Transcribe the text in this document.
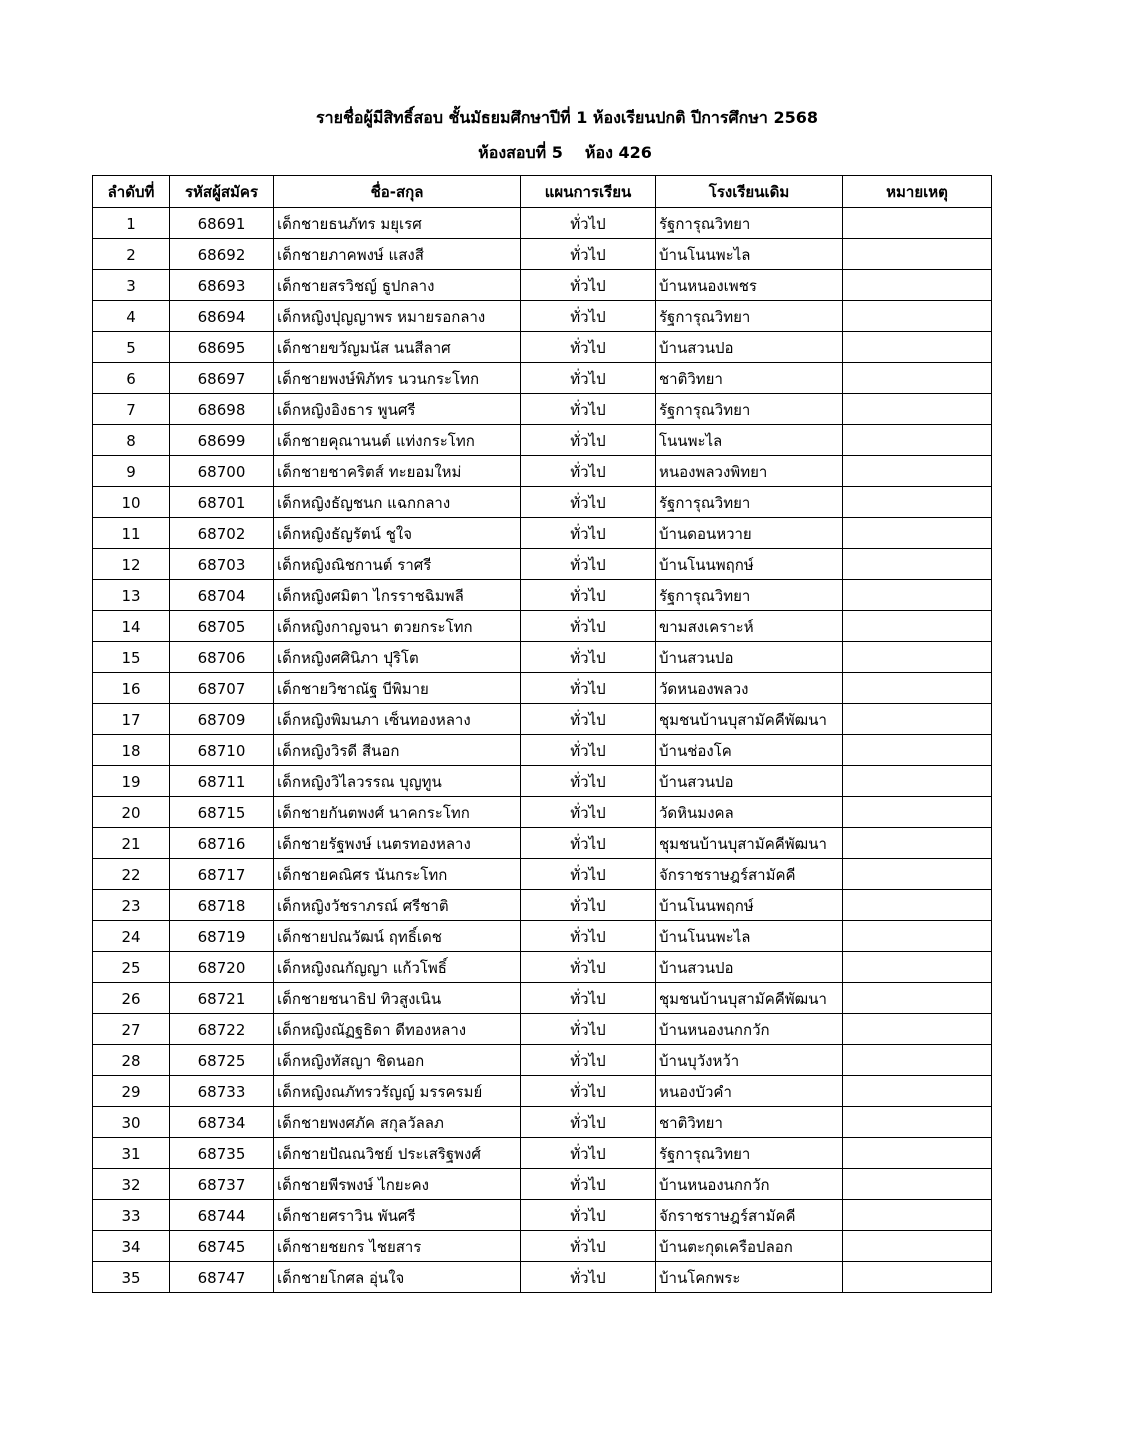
รายชื่อผู้มีสิทธิ์สอบ ชั้นมัธยมศึกษาปีที่ 1 ห้องเรียนปกติ ปีการศึกษา 2568
ห้องสอบที่ 5 ห้อง 426
ลำดับที่	รหัสผู้สมัคร	ชื่อ-สกุล	แผนการเรียน	โรงเรียนเดิม	หมายเหตุ
1	68691	เด็กชายธนภัทร มยุเรศ	ทั่วไป	รัฐการุณวิทยา	
2	68692	เด็กชายภาคพงษ์ แสงสี	ทั่วไป	บ้านโนนพะไล	
3	68693	เด็กชายสรวิชญ์ ธูปกลาง	ทั่วไป	บ้านหนองเพชร	
4	68694	เด็กหญิงปุญญาพร หมายรอกลาง	ทั่วไป	รัฐการุณวิทยา	
5	68695	เด็กชายขวัญมนัส นนสีลาศ	ทั่วไป	บ้านสวนปอ	
6	68697	เด็กชายพงษ์พิภัทร นวนกระโทก	ทั่วไป	ชาติวิทยา	
7	68698	เด็กหญิงอิงธาร พูนศรี	ทั่วไป	รัฐการุณวิทยา	
8	68699	เด็กชายคุณานนต์ แท่งกระโทก	ทั่วไป	โนนพะไล	
9	68700	เด็กชายชาคริตส์ ทะยอมใหม่	ทั่วไป	หนองพลวงพิทยา	
10	68701	เด็กหญิงธัญชนก แฉกกลาง	ทั่วไป	รัฐการุณวิทยา	
11	68702	เด็กหญิงธัญรัตน์ ชูใจ	ทั่วไป	บ้านดอนหวาย	
12	68703	เด็กหญิงณิชกานต์ ราศรี	ทั่วไป	บ้านโนนพฤกษ์	
13	68704	เด็กหญิงศมิตา ไกรราชฉิมพลี	ทั่วไป	รัฐการุณวิทยา	
14	68705	เด็กหญิงกาญจนา ตวยกระโทก	ทั่วไป	ขามสงเคราะห์	
15	68706	เด็กหญิงศศินิภา ปุริโต	ทั่วไป	บ้านสวนปอ	
16	68707	เด็กชายวิชาณัฐ บีพิมาย	ทั่วไป	วัดหนองพลวง	
17	68709	เด็กหญิงพิมนภา เซ็นทองหลาง	ทั่วไป	ชุมชนบ้านบุสามัคคีพัฒนา	
18	68710	เด็กหญิงวิรดี สีนอก	ทั่วไป	บ้านช่องโค	
19	68711	เด็กหญิงวิไลวรรณ บุญทูน	ทั่วไป	บ้านสวนปอ	
20	68715	เด็กชายกันตพงศ์ นาคกระโทก	ทั่วไป	วัดหินมงคล	
21	68716	เด็กชายรัฐพงษ์ เนตรทองหลาง	ทั่วไป	ชุมชนบ้านบุสามัคคีพัฒนา	
22	68717	เด็กชายคณิศร นันกระโทก	ทั่วไป	จักราชราษฎร์สามัคคี	
23	68718	เด็กหญิงวัชราภรณ์ ศรีชาติ	ทั่วไป	บ้านโนนพฤกษ์	
24	68719	เด็กชายปณวัฒน์ ฤทธิ์เดช	ทั่วไป	บ้านโนนพะไล	
25	68720	เด็กหญิงณกัญญา แก้วโพธิ์	ทั่วไป	บ้านสวนปอ	
26	68721	เด็กชายชนาธิป ทิวสูงเนิน	ทั่วไป	ชุมชนบ้านบุสามัคคีพัฒนา	
27	68722	เด็กหญิงณัฏฐธิดา ดีทองหลาง	ทั่วไป	บ้านหนองนกกวัก	
28	68725	เด็กหญิงทัสญา ชิดนอก	ทั่วไป	บ้านบุวังหว้า	
29	68733	เด็กหญิงณภัทรวรัญญ์ มรรครมย์	ทั่วไป	หนองบัวคำ	
30	68734	เด็กชายพงศภัค สกุลวัลลภ	ทั่วไป	ชาติวิทยา	
31	68735	เด็กชายปัณณวิชย์ ประเสริฐพงศ์	ทั่วไป	รัฐการุณวิทยา	
32	68737	เด็กชายพีรพงษ์ ไกยะคง	ทั่วไป	บ้านหนองนกกวัก	
33	68744	เด็กชายศราวิน พันศรี	ทั่วไป	จักราชราษฎร์สามัคคี	
34	68745	เด็กชายชยกร ไชยสาร	ทั่วไป	บ้านตะกุดเครือปลอก	
35	68747	เด็กชายโกศล อุ่นใจ	ทั่วไป	บ้านโคกพระ	
